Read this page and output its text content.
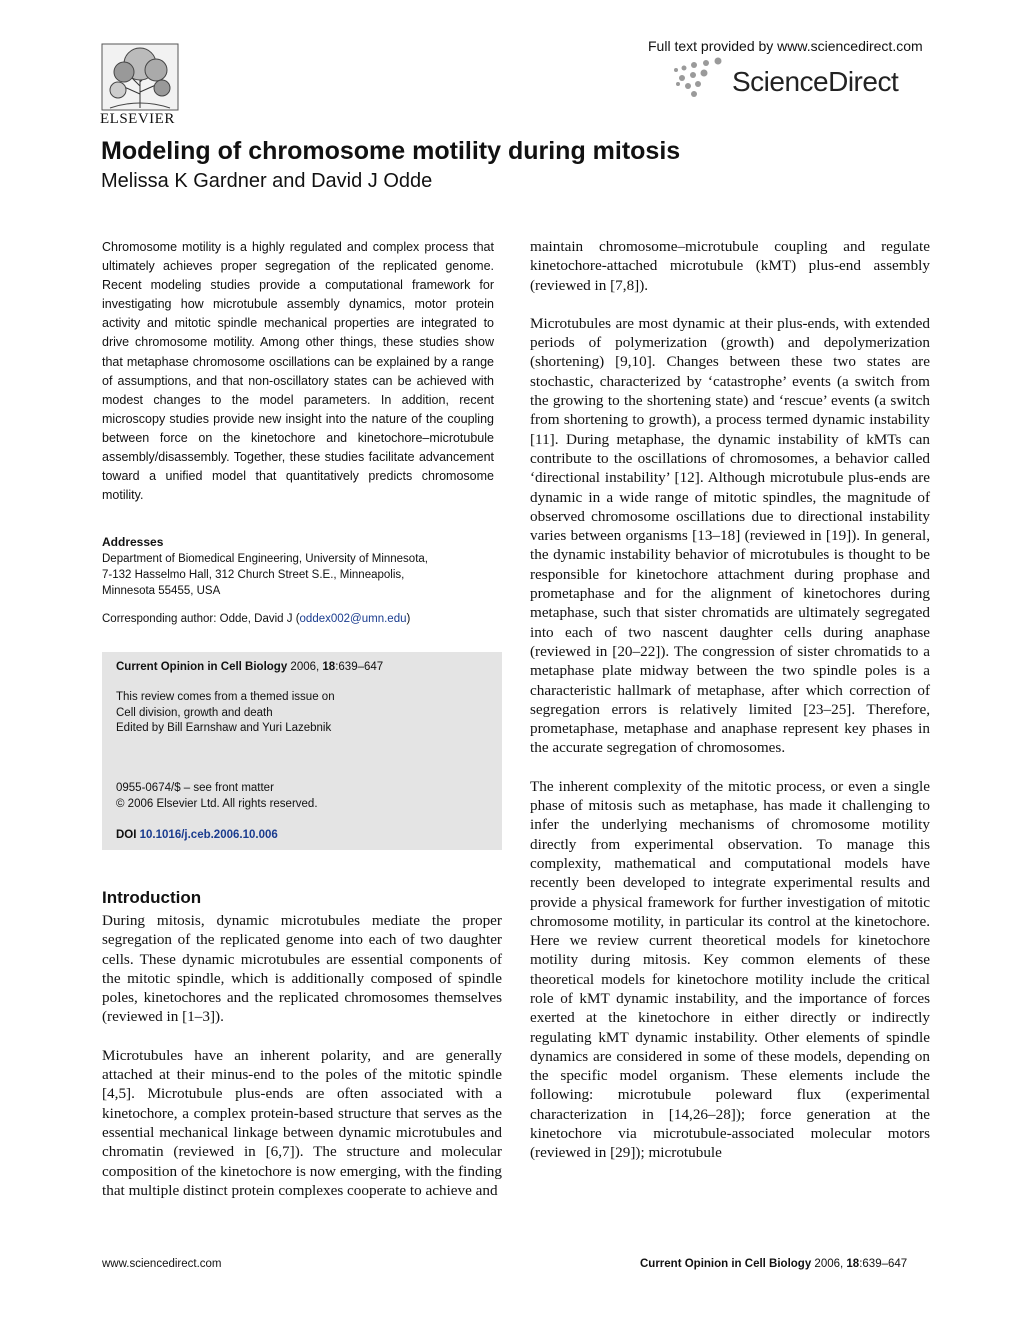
ELSEVIER
Full text provided by www.sciencedirect.com
ScienceDirect
Modeling of chromosome motility during mitosis
Melissa K Gardner and David J Odde
Chromosome motility is a highly regulated and complex process that ultimately achieves proper segregation of the replicated genome. Recent modeling studies provide a computational framework for investigating how microtubule assembly dynamics, motor protein activity and mitotic spindle mechanical properties are integrated to drive chromosome motility. Among other things, these studies show that metaphase chromosome oscillations can be explained by a range of assumptions, and that non-oscillatory states can be achieved with modest changes to the model parameters. In addition, recent microscopy studies provide new insight into the nature of the coupling between force on the kinetochore and kinetochore–microtubule assembly/disassembly. Together, these studies facilitate advancement toward a unified model that quantitatively predicts chromosome motility.
Addresses
Department of Biomedical Engineering, University of Minnesota,
7-132 Hasselmo Hall, 312 Church Street S.E., Minneapolis,
Minnesota 55455, USA
Corresponding author: Odde, David J (oddex002@umn.edu)
Current Opinion in Cell Biology 2006, 18:639–647
This review comes from a themed issue on
Cell division, growth and death
Edited by Bill Earnshaw and Yuri Lazebnik
0955-0674/$ – see front matter
© 2006 Elsevier Ltd. All rights reserved.
DOI 10.1016/j.ceb.2006.10.006
Introduction

During mitosis, dynamic microtubules mediate the proper segregation of the replicated genome into each of two daughter cells. These dynamic microtubules are essential components of the mitotic spindle, which is additionally composed of spindle poles, kinetochores and the replicated chromosomes themselves (reviewed in [1–3]).

Microtubules have an inherent polarity, and are generally attached at their minus-end to the poles of the mitotic spindle [4,5]. Microtubule plus-ends are often associated with a kinetochore, a complex protein-based structure that serves as the essential mechanical linkage between dynamic microtubules and chromatin (reviewed in [6,7]). The structure and molecular composition of the kinetochore is now emerging, with the finding that multiple distinct protein complexes cooperate to achieve and

maintain chromosome–microtubule coupling and regulate kinetochore-attached microtubule (kMT) plus-end assembly (reviewed in [7,8]).

Microtubules are most dynamic at their plus-ends, with extended periods of polymerization (growth) and depolymerization (shortening) [9,10]. Changes between these two states are stochastic, characterized by ‘catastrophe’ events (a switch from the growing to the shortening state) and ‘rescue’ events (a switch from shortening to growth), a process termed dynamic instability [11]. During metaphase, the dynamic instability of kMTs can contribute to the oscillations of chromosomes, a behavior called ‘directional instability’ [12]. Although microtubule plus-ends are dynamic in a wide range of mitotic spindles, the magnitude of observed chromosome oscillations due to directional instability varies between organisms [13–18] (reviewed in [19]). In general, the dynamic instability behavior of microtubules is thought to be responsible for kinetochore attachment during prophase and prometaphase and for the alignment of kinetochores during metaphase, such that sister chromatids are ultimately segregated into each of two nascent daughter cells during anaphase (reviewed in [20–22]). The congression of sister chromatids to a metaphase plate midway between the two spindle poles is a characteristic hallmark of metaphase, after which correction of segregation errors is relatively limited [23–25]. Therefore, prometaphase, metaphase and anaphase represent key phases in the accurate segregation of chromosomes.

The inherent complexity of the mitotic process, or even a single phase of mitosis such as metaphase, has made it challenging to infer the underlying mechanisms of chromosome motility directly from experimental observation. To manage this complexity, mathematical and computational models have recently been developed to integrate experimental results and provide a physical framework for further investigation of mitotic chromosome motility, in particular its control at the kinetochore. Here we review current theoretical models for kinetochore motility during mitosis. Key common elements of these theoretical models for kinetochore motility include the critical role of kMT dynamic instability, and the importance of forces exerted at the kinetochore in either directly or indirectly regulating kMT dynamic instability. Other elements of spindle dynamics are considered in some of these models, depending on the specific model organism. These elements include the following: microtubule poleward flux (experimental characterization in [14,26–28]); force generation at the kinetochore via microtubule-associated molecular motors (reviewed in [29]); microtubule

www.sciencedirect.com	Current Opinion in Cell Biology 2006, 18:639–647
